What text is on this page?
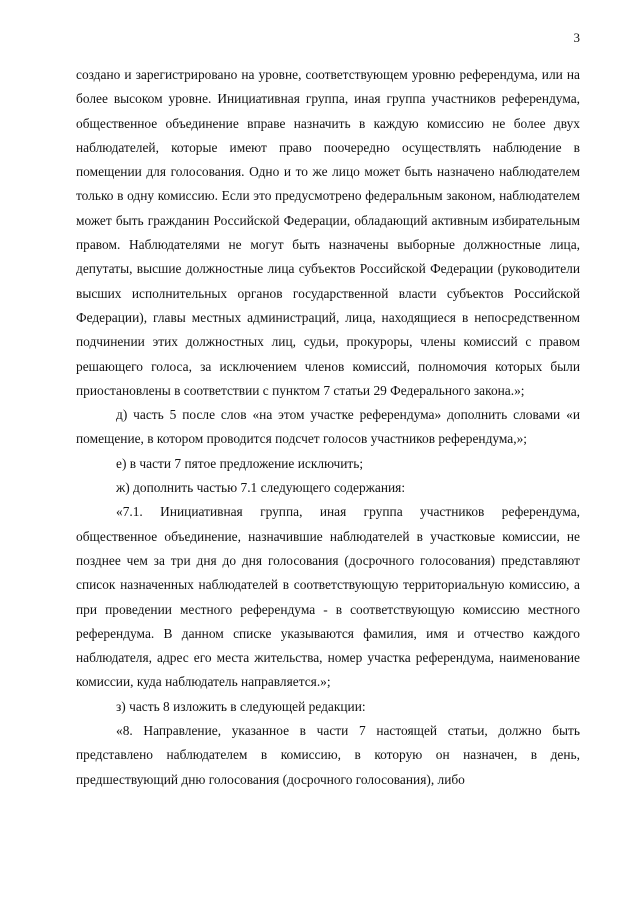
3

создано и зарегистрировано на уровне, соответствующем уровню референдума, или на более высоком уровне. Инициативная группа, иная группа участников референдума, общественное объединение вправе назначить в каждую комиссию не более двух наблюдателей, которые имеют право поочередно осуществлять наблюдение в помещении для голосования. Одно и то же лицо может быть назначено наблюдателем только в одну комиссию. Если это предусмотрено федеральным законом, наблюдателем может быть гражданин Российской Федерации, обладающий активным избирательным правом. Наблюдателями не могут быть назначены выборные должностные лица, депутаты, высшие должностные лица субъектов Российской Федерации (руководители высших исполнительных органов государственной власти субъектов Российской Федерации), главы местных администраций, лица, находящиеся в непосредственном подчинении этих должностных лиц, судьи, прокуроры, члены комиссий с правом решающего голоса, за исключением членов комиссий, полномочия которых были приостановлены в соответствии с пунктом 7 статьи 29 Федерального закона.»;

д) часть 5 после слов «на этом участке референдума» дополнить словами «и помещение, в котором проводится подсчет голосов участников референдума,»;

е) в части 7 пятое предложение исключить;

ж) дополнить частью 7.1 следующего содержания:

«7.1. Инициативная группа, иная группа участников референдума, общественное объединение, назначившие наблюдателей в участковые комиссии, не позднее чем за три дня до дня голосования (досрочного голосования) представляют список назначенных наблюдателей в соответствующую территориальную комиссию, а при проведении местного референдума - в соответствующую комиссию местного референдума. В данном списке указываются фамилия, имя и отчество каждого наблюдателя, адрес его места жительства, номер участка референдума, наименование комиссии, куда наблюдатель направляется.»;

з) часть 8 изложить в следующей редакции:

«8. Направление, указанное в части 7 настоящей статьи, должно быть представлено наблюдателем в комиссию, в которую он назначен, в день, предшествующий дню голосования (досрочного голосования), либо
